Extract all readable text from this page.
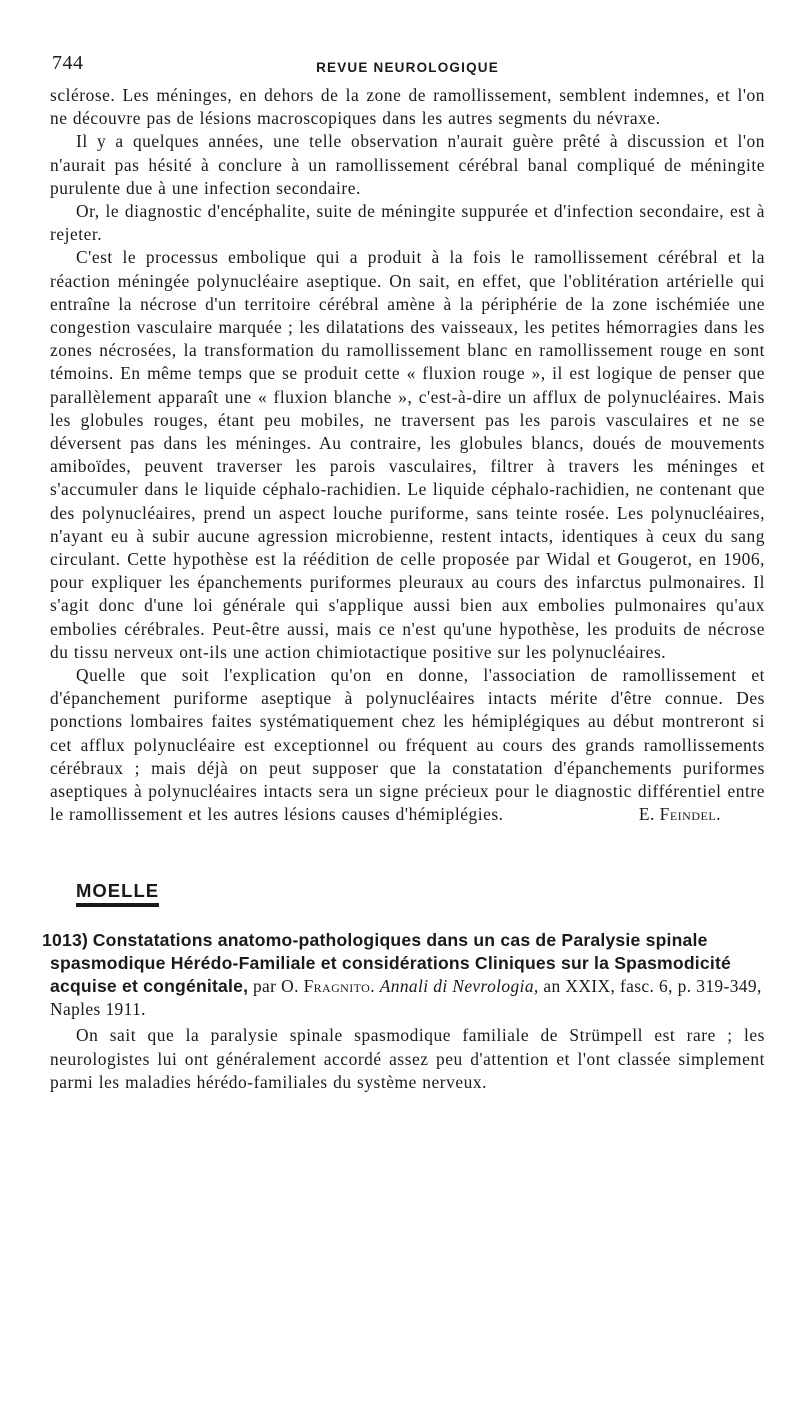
744	REVUE NEUROLOGIQUE

sclérose. Les méninges, en dehors de la zone de ramollissement, semblent indemnes, et l'on ne découvre pas de lésions macroscopiques dans les autres segments du névraxe.

Il y a quelques années, une telle observation n'aurait guère prêté à discussion et l'on n'aurait pas hésité à conclure à un ramollissement cérébral banal compliqué de méningite purulente due à une infection secondaire.

Or, le diagnostic d'encéphalite, suite de méningite suppurée et d'infection secondaire, est à rejeter.

C'est le processus embolique qui a produit à la fois le ramollissement cérébral et la réaction méningée polynucléaire aseptique. On sait, en effet, que l'oblitération artérielle qui entraîne la nécrose d'un territoire cérébral amène à la périphérie de la zone ischémiée une congestion vasculaire marquée ; les dilatations des vaisseaux, les petites hémorragies dans les zones nécrosées, la transformation du ramollissement blanc en ramollissement rouge en sont témoins. En même temps que se produit cette « fluxion rouge », il est logique de penser que parallèlement apparaît une « fluxion blanche », c'est-à-dire un afflux de polynucléaires. Mais les globules rouges, étant peu mobiles, ne traversent pas les parois vasculaires et ne se déversent pas dans les méninges. Au contraire, les globules blancs, doués de mouvements amiboïdes, peuvent traverser les parois vasculaires, filtrer à travers les méninges et s'accumuler dans le liquide céphalo-rachidien. Le liquide céphalo-rachidien, ne contenant que des polynucléaires, prend un aspect louche puriforme, sans teinte rosée. Les polynucléaires, n'ayant eu à subir aucune agression microbienne, restent intacts, identiques à ceux du sang circulant. Cette hypothèse est la réédition de celle proposée par Widal et Gougerot, en 1906, pour expliquer les épanchements puriformes pleuraux au cours des infarctus pulmonaires. Il s'agit donc d'une loi générale qui s'applique aussi bien aux embolies pulmonaires qu'aux embolies cérébrales. Peut-être aussi, mais ce n'est qu'une hypothèse, les produits de nécrose du tissu nerveux ont-ils une action chimiotactique positive sur les polynucléaires.

Quelle que soit l'explication qu'on en donne, l'association de ramollissement et d'épanchement puriforme aseptique à polynucléaires intacts mérite d'être connue. Des ponctions lombaires faites systématiquement chez les hémiplégiques au début montreront si cet afflux polynucléaire est exceptionnel ou fréquent au cours des grands ramollissements cérébraux ; mais déjà on peut supposer que la constatation d'épanchements puriformes aseptiques à polynucléaires intacts sera un signe précieux pour le diagnostic différentiel entre le ramollissement et les autres lésions causes d'hémiplégies.	E. Feindel.
MOELLE
1013) Constatations anatomo-pathologiques dans un cas de Paralysie spinale spasmodique Hérédo-Familiale et considérations Cliniques sur la Spasmodicité acquise et congénitale, par O. Fragnito. Annali di Nevrologia, an XXIX, fasc. 6, p. 319-349, Naples 1911.

On sait que la paralysie spinale spasmodique familiale de Strümpell est rare ; les neurologistes lui ont généralement accordé assez peu d'attention et l'ont classée simplement parmi les maladies hérédo-familiales du système nerveux.
